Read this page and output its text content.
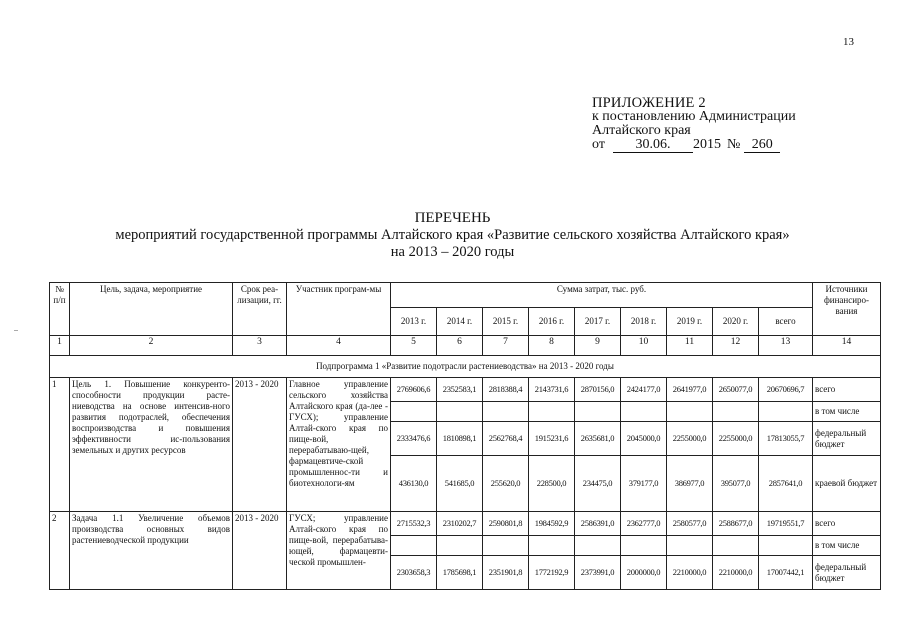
13
ПРИЛОЖЕНИЕ 2
к постановлению Администрации
Алтайского края
от	30.06.	2015 № 260
ПЕРЕЧЕНЬ
мероприятий государственной программы Алтайского края «Развитие сельского хозяйства Алтайского края»
на 2013 – 2020 годы
№ п/п	Цель, задача, мероприятие	Срок реа-лизации, гг.	Участник програм-мы	Сумма затрат, тыс. руб.									Источники финансиро-вания
				2013 г.	2014 г.	2015 г.	2016 г.	2017 г.	2018 г.	2019 г.	2020 г.	всего	
1	2	3	4	5	6	7	8	9	10	11	12	13	14
Подпрограмма 1 «Развитие подотрасли растениеводства» на 2013 - 2020 годы													
1	Цель 1. Повышение конкуренто-способности продукции расте-ниеводства на основе интенсив-ного развития подотраслей, обеспечения воспроизводства и повышения эффективности ис-пользования земельных и других ресурсов	2013 - 2020	Главное управление сельского хозяйства Алтайского края (да-лее - ГУСХ); управление Алтай-ского края по пище-вой, перерабатываю-щей, фармацевтиче-ской промышленнос-ти и биотехнологи-ям	2769606,6	2352583,1	2818388,4	2143731,6	2870156,0	2424177,0	2641977,0	2650077,0	20670696,7	всего
													в том числе
				2333476,6	1810898,1	2562768,4	1915231,6	2635681,0	2045000,0	2255000,0	2255000,0	17813055,7	федеральный бюджет
				436130,0	541685,0	255620,0	228500,0	234475,0	379177,0	386977,0	395077,0	2857641,0	краевой бюджет
2	Задача 1.1 Увеличение объемов производства основных видов растениеводческой продукции	2013 - 2020	ГУСХ; управление Алтай-ского края по пище-вой, перерабатыва-ющей, фармацевти-ческой промышлен-	2715532,3	2310202,7	2590801,8	1984592,9	2586391,0	2362777,0	2580577,0	2588677,0	19719551,7	всего
													в том числе
				2303658,3	1785698,1	2351901,8	1772192,9	2373991,0	2000000,0	2210000,0	2210000,0	17007442,1	федеральный бюджет
